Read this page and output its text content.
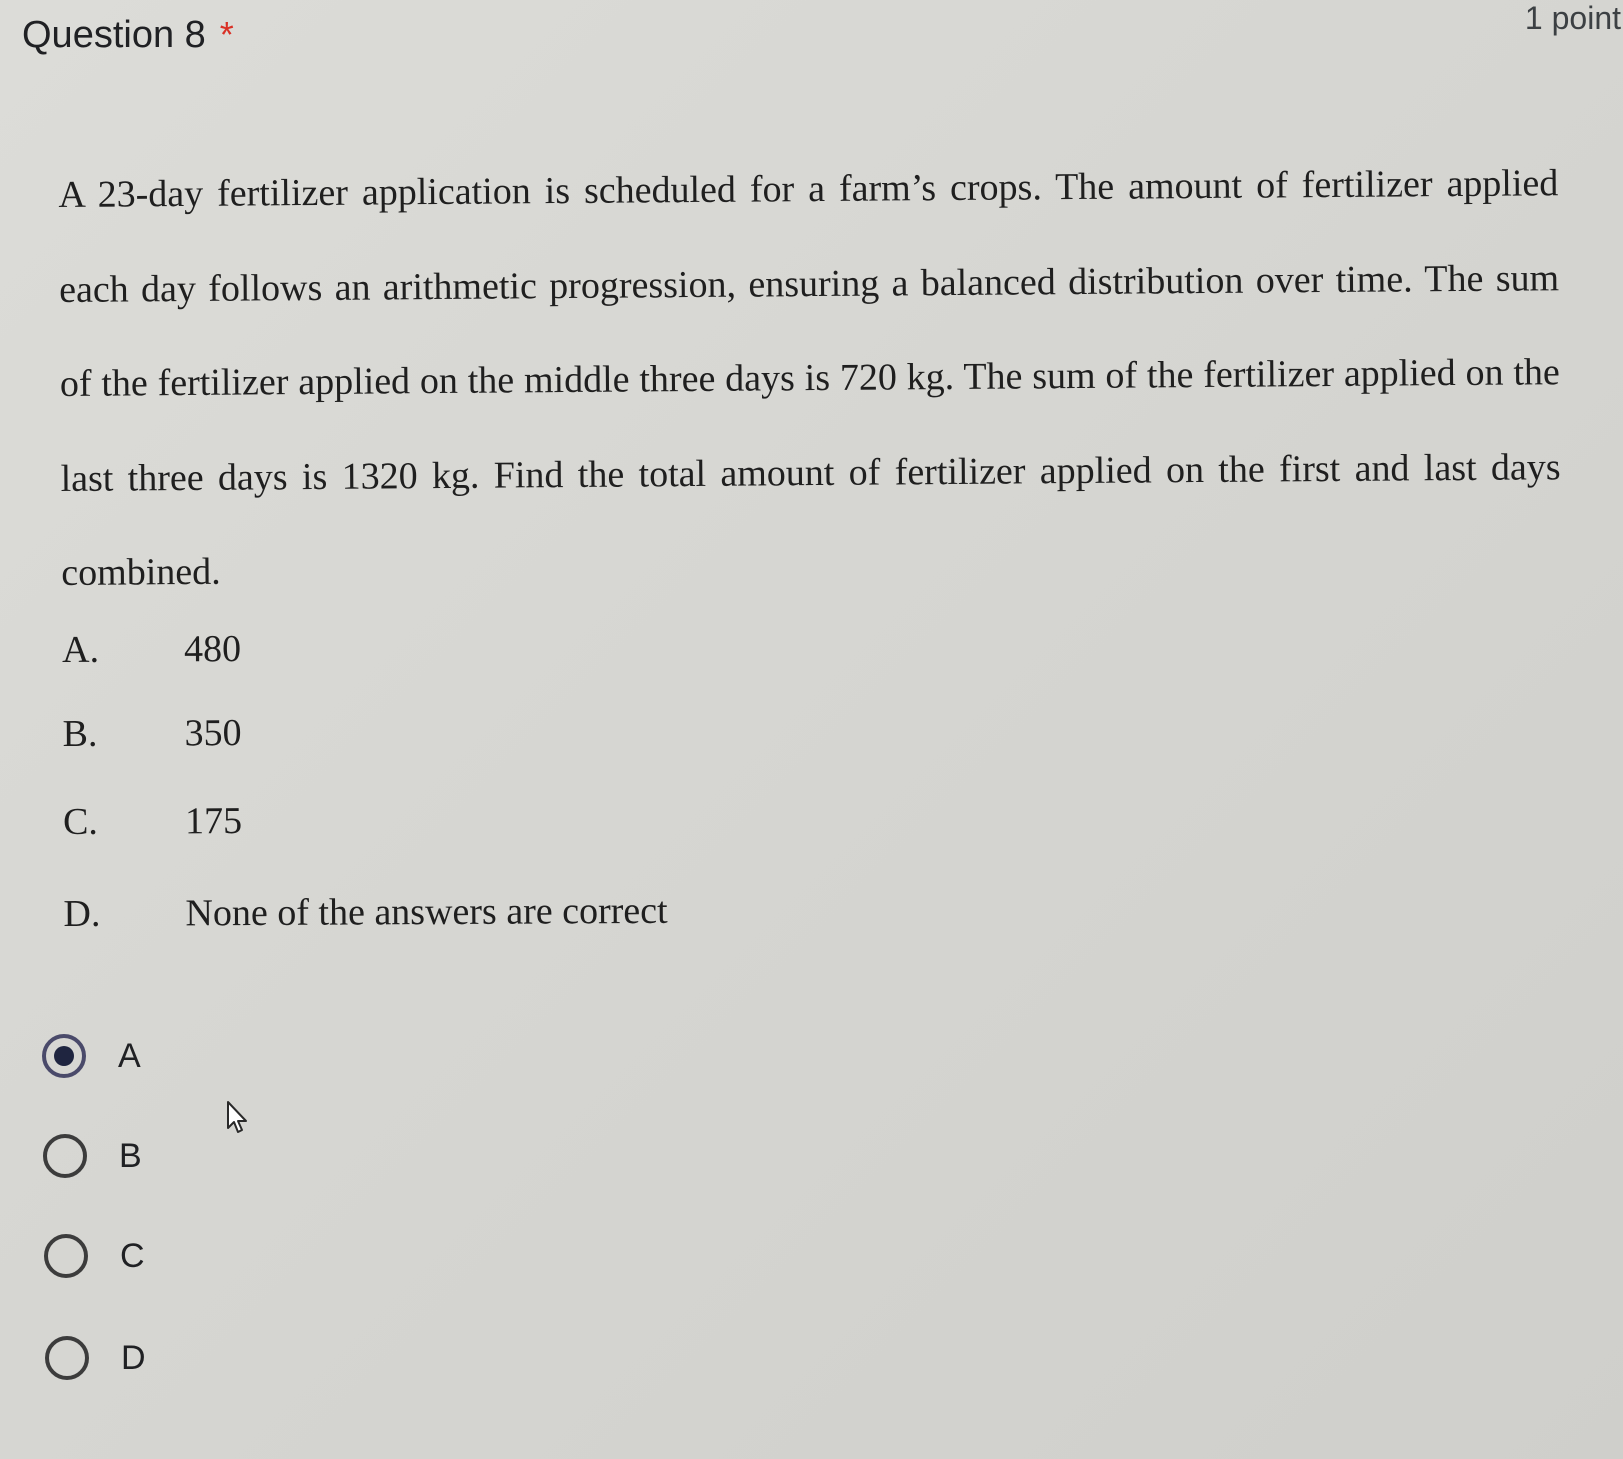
Question 8 *	1 point
A 23-day fertilizer application is scheduled for a farm’s crops. The amount of fertilizer applied each day follows an arithmetic progression, ensuring a balanced distribution over time. The sum of the fertilizer applied on the middle three days is 720 kg. The sum of the fertilizer applied on the last three days is 1320 kg. Find the total amount of fertilizer applied on the first and last days combined.
A. 480
B. 350
C. 175
D. None of the answers are correct
A
B
C
D
